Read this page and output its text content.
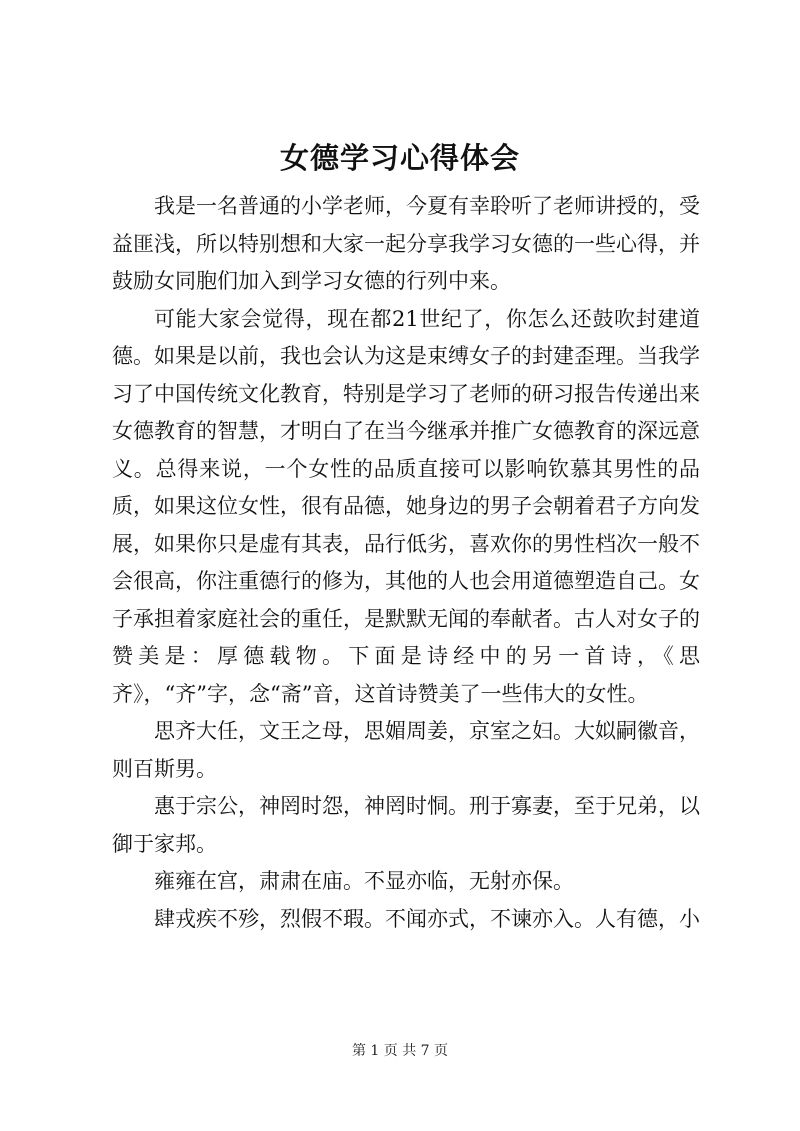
女德学习心得体会

我是一名普通的小学老师，今夏有幸聆听了老师讲授的，受益匪浅，所以特别想和大家一起分享我学习女德的一些心得，并鼓励女同胞们加入到学习女德的行列中来。

可能大家会觉得，现在都21世纪了，你怎么还鼓吹封建道德。如果是以前，我也会认为这是束缚女子的封建歪理。当我学习了中国传统文化教育，特别是学习了老师的研习报告传递出来女德教育的智慧，才明白了在当今继承并推广女德教育的深远意义。总得来说，一个女性的品质直接可以影响钦慕其男性的品质，如果这位女性，很有品德，她身边的男子会朝着君子方向发展，如果你只是虚有其表，品行低劣，喜欢你的男性档次一般不会很高，你注重德行的修为，其他的人也会用道德塑造自己。女子承担着家庭社会的重任，是默默无闻的奉献者。古人对女子的赞美是：厚德载物。下面是诗经中的另一首诗，《思齐》，“齐”字，念“斋”音，这首诗赞美了一些伟大的女性。

思齐大任，文王之母，思媚周姜，京室之妇。大姒嗣徽音，则百斯男。

惠于宗公，神罔时怨，神罔时恫。刑于寡妻，至于兄弟，以御于家邦。

雍雍在宫，肃肃在庙。不显亦临，无射亦保。

肆戎疾不殄，烈假不瑕。不闻亦式，不谏亦入。人有德，小

第 1 页 共 7 页
